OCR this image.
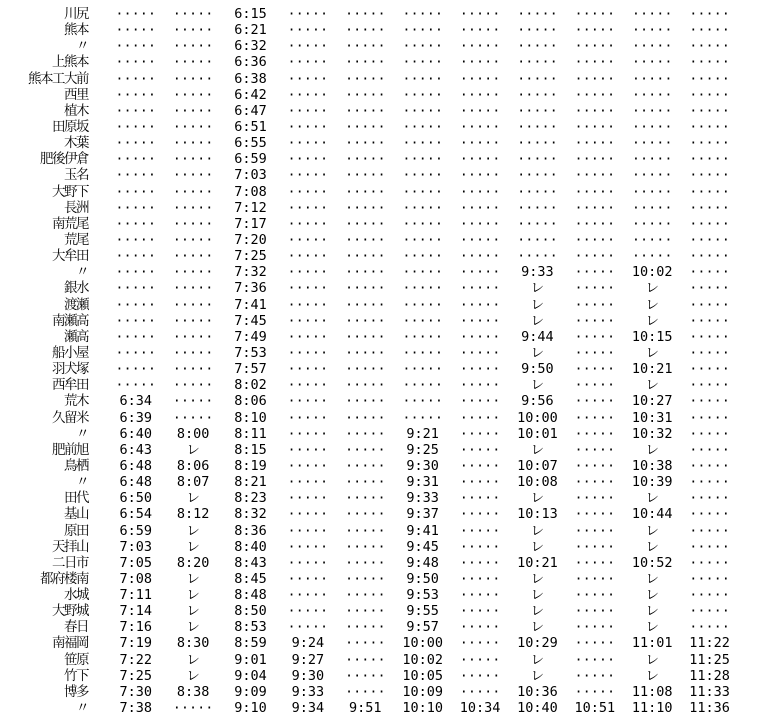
川尻	·····	·····	6:15	·····	·····	·····	·····	·····	·····	·····	·····
熊本	·····	·····	6:21	·····	·····	·····	·····	·····	·····	·····	·····
〃	·····	·····	6:32	·····	·····	·····	·····	·····	·····	·····	·····
上熊本	·····	·····	6:36	·····	·····	·····	·····	·····	·····	·····	·····
熊本工大前	·····	·····	6:38	·····	·····	·····	·····	·····	·····	·····	·····
西里	·····	·····	6:42	·····	·····	·····	·····	·····	·····	·····	·····
植木	·····	·····	6:47	·····	·····	·····	·····	·····	·····	·····	·····
田原坂	·····	·····	6:51	·····	·····	·····	·····	·····	·····	·····	·····
木葉	·····	·····	6:55	·····	·····	·····	·····	·····	·····	·····	·····
肥後伊倉	·····	·····	6:59	·····	·····	·····	·····	·····	·····	·····	·····
玉名	·····	·····	7:03	·····	·····	·····	·····	·····	·····	·····	·····
大野下	·····	·····	7:08	·····	·····	·····	·····	·····	·····	·····	·····
長洲	·····	·····	7:12	·····	·····	·····	·····	·····	·····	·····	·····
南荒尾	·····	·····	7:17	·····	·····	·····	·····	·····	·····	·····	·····
荒尾	·····	·····	7:20	·····	·····	·····	·····	·····	·····	·····	·····
大牟田	·····	·····	7:25	·····	·····	·····	·····	·····	·····	·····	·····
〃	·····	·····	7:32	·····	·····	·····	·····	9:33	·····	10:02	·····
銀水	·····	·····	7:36	·····	·····	·····	·····	レ	·····	レ	·····
渡瀬	·····	·····	7:41	·····	·····	·····	·····	レ	·····	レ	·····
南瀬高	·····	·····	7:45	·····	·····	·····	·····	レ	·····	レ	·····
瀬高	·····	·····	7:49	·····	·····	·····	·····	9:44	·····	10:15	·····
船小屋	·····	·····	7:53	·····	·····	·····	·····	レ	·····	レ	·····
羽犬塚	·····	·····	7:57	·····	·····	·····	·····	9:50	·····	10:21	·····
西牟田	·····	·····	8:02	·····	·····	·····	·····	レ	·····	レ	·····
荒木	6:34	·····	8:06	·····	·····	·····	·····	9:56	·····	10:27	·····
久留米	6:39	·····	8:10	·····	·····	·····	·····	10:00	·····	10:31	·····
〃	6:40	8:00	8:11	·····	·····	9:21	·····	10:01	·····	10:32	·····
肥前旭	6:43	レ	8:15	·····	·····	9:25	·····	レ	·····	レ	·····
鳥栖	6:48	8:06	8:19	·····	·····	9:30	·····	10:07	·····	10:38	·····
〃	6:48	8:07	8:21	·····	·····	9:31	·····	10:08	·····	10:39	·····
田代	6:50	レ	8:23	·····	·····	9:33	·····	レ	·····	レ	·····
基山	6:54	8:12	8:32	·····	·····	9:37	·····	10:13	·····	10:44	·····
原田	6:59	レ	8:36	·····	·····	9:41	·····	レ	·····	レ	·····
天拝山	7:03	レ	8:40	·····	·····	9:45	·····	レ	·····	レ	·····
二日市	7:05	8:20	8:43	·····	·····	9:48	·····	10:21	·····	10:52	·····
都府楼南	7:08	レ	8:45	·····	·····	9:50	·····	レ	·····	レ	·····
水城	7:11	レ	8:48	·····	·····	9:53	·····	レ	·····	レ	·····
大野城	7:14	レ	8:50	·····	·····	9:55	·····	レ	·····	レ	·····
春日	7:16	レ	8:53	·····	·····	9:57	·····	レ	·····	レ	·····
南福岡	7:19	8:30	8:59	9:24	·····	10:00	·····	10:29	·····	11:01	11:22
笹原	7:22	レ	9:01	9:27	·····	10:02	·····	レ	·····	レ	11:25
竹下	7:25	レ	9:04	9:30	·····	10:05	·····	レ	·····	レ	11:28
博多	7:30	8:38	9:09	9:33	·····	10:09	·····	10:36	·····	11:08	11:33
〃	7:38	·····	9:10	9:34	9:51	10:10	10:34	10:40	10:51	11:10	11:36
